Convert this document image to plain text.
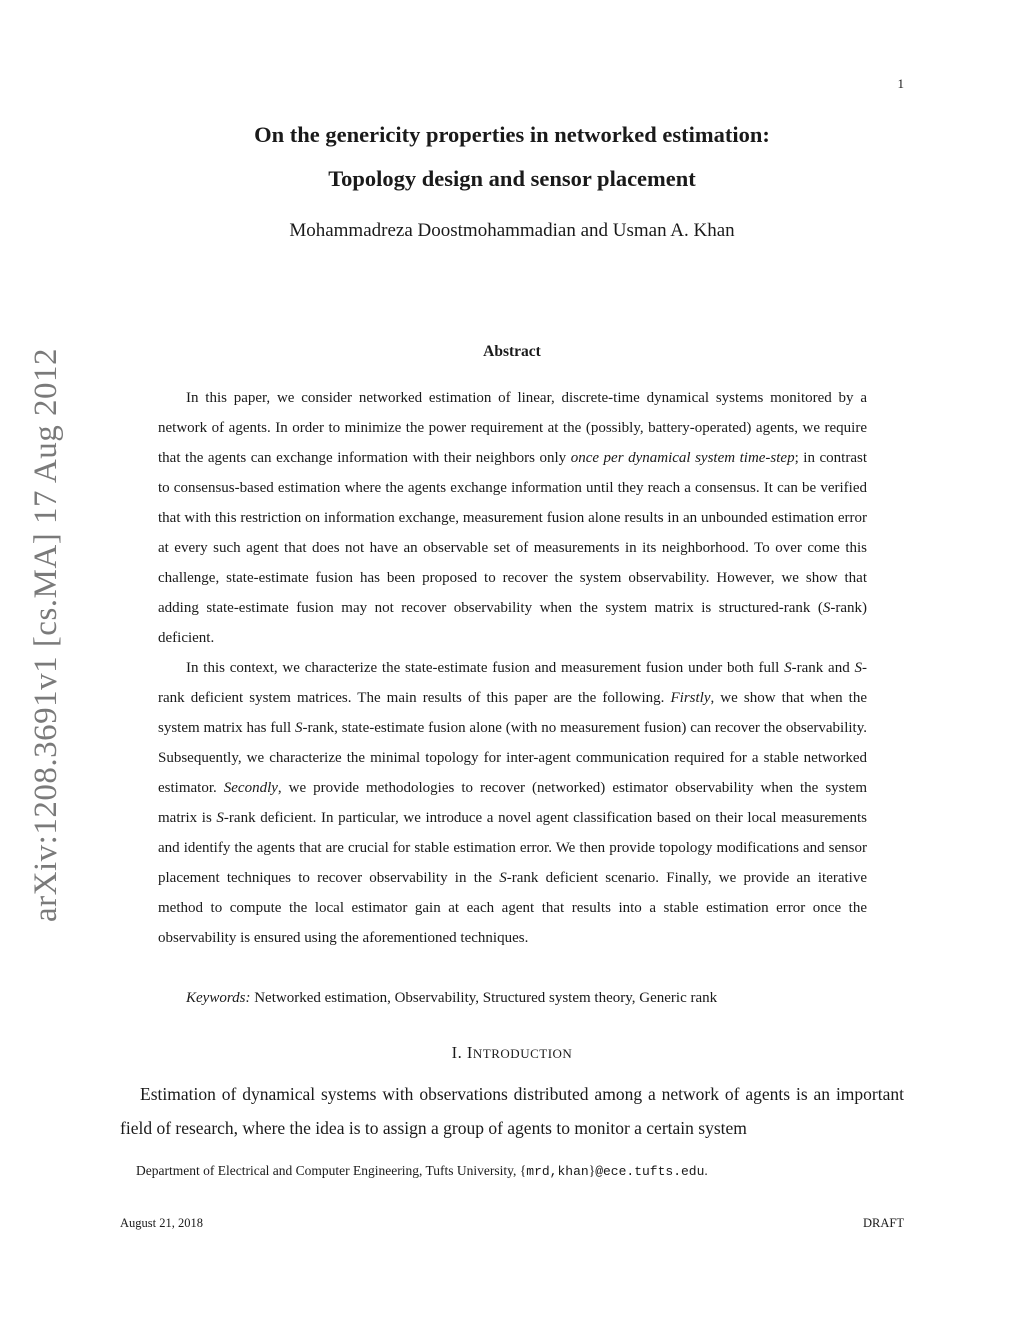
1
On the genericity properties in networked estimation:
Topology design and sensor placement
Mohammadreza Doostmohammadian and Usman A. Khan
arXiv:1208.3691v1 [cs.MA] 17 Aug 2012	Abstract

In this paper, we consider networked estimation of linear, discrete-time dynamical systems monitored by a network of agents. In order to minimize the power requirement at the (possibly, battery-operated) agents, we require that the agents can exchange information with their neighbors only once per dynamical system time-step; in contrast to consensus-based estimation where the agents exchange information until they reach a consensus. It can be verified that with this restriction on information exchange, measurement fusion alone results in an unbounded estimation error at every such agent that does not have an observable set of measurements in its neighborhood. To over come this challenge, state-estimate fusion has been proposed to recover the system observability. However, we show that adding state-estimate fusion may not recover observability when the system matrix is structured-rank (S-rank) deficient.

In this context, we characterize the state-estimate fusion and measurement fusion under both full S-rank and S-rank deficient system matrices. The main results of this paper are the following. Firstly, we show that when the system matrix has full S-rank, state-estimate fusion alone (with no measurement fusion) can recover the observability. Subsequently, we characterize the minimal topology for inter-agent communication required for a stable networked estimator. Secondly, we provide methodologies to recover (networked) estimator observability when the system matrix is S-rank deficient. In particular, we introduce a novel agent classification based on their local measurements and identify the agents that are crucial for stable estimation error. We then provide topology modifications and sensor placement techniques to recover observability in the S-rank deficient scenario. Finally, we provide an iterative method to compute the local estimator gain at each agent that results into a stable estimation error once the observability is ensured using the aforementioned techniques.

Keywords: Networked estimation, Observability, Structured system theory, Generic rank
I. INTRODUCTION

Estimation of dynamical systems with observations distributed among a network of agents is an important field of research, where the idea is to assign a group of agents to monitor a certain system

Department of Electrical and Computer Engineering, Tufts University, {mrd,khan}@ece.tufts.edu.
August 21, 2018	DRAFT
